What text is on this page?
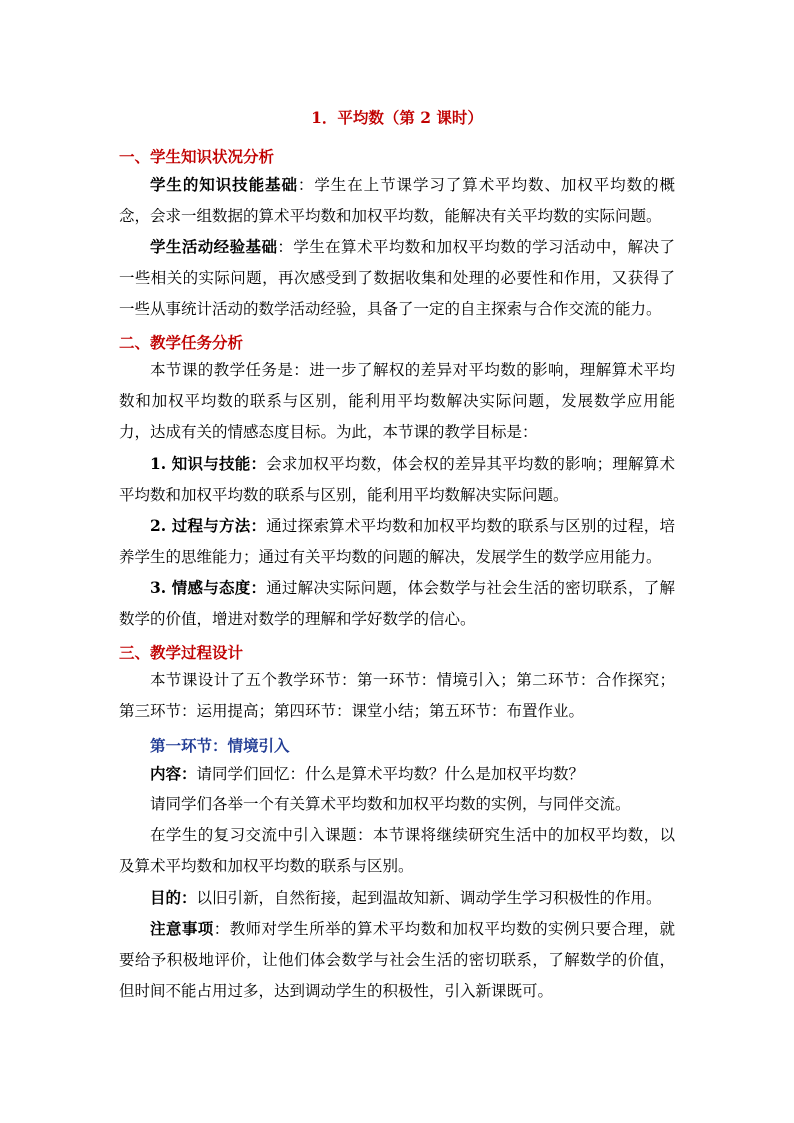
1．平均数（第 2 课时）
一、学生知识状况分析

学生的知识技能基础：学生在上节课学习了算术平均数、加权平均数的概念，会求一组数据的算术平均数和加权平均数，能解决有关平均数的实际问题。

学生活动经验基础：学生在算术平均数和加权平均数的学习活动中，解决了一些相关的实际问题，再次感受到了数据收集和处理的必要性和作用，又获得了一些从事统计活动的数学活动经验，具备了一定的自主探索与合作交流的能力。

二、教学任务分析

本节课的教学任务是：进一步了解权的差异对平均数的影响，理解算术平均数和加权平均数的联系与区别，能利用平均数解决实际问题，发展数学应用能力，达成有关的情感态度目标。为此，本节课的教学目标是：

1. 知识与技能：会求加权平均数，体会权的差异其平均数的影响；理解算术平均数和加权平均数的联系与区别，能利用平均数解决实际问题。

2. 过程与方法：通过探索算术平均数和加权平均数的联系与区别的过程，培养学生的思维能力；通过有关平均数的问题的解决，发展学生的数学应用能力。

3. 情感与态度：通过解决实际问题，体会数学与社会生活的密切联系，了解数学的价值，增进对数学的理解和学好数学的信心。

三、教学过程设计

本节课设计了五个教学环节：第一环节：情境引入；第二环节：合作探究；第三环节：运用提高；第四环节：课堂小结；第五环节：布置作业。

第一环节：情境引入

内容：请同学们回忆：什么是算术平均数？什么是加权平均数？

请同学们各举一个有关算术平均数和加权平均数的实例，与同伴交流。

在学生的复习交流中引入课题：本节课将继续研究生活中的加权平均数，以及算术平均数和加权平均数的联系与区别。

目的：以旧引新，自然衔接，起到温故知新、调动学生学习积极性的作用。

注意事项：教师对学生所举的算术平均数和加权平均数的实例只要合理，就要给予积极地评价，让他们体会数学与社会生活的密切联系，了解数学的价值，但时间不能占用过多，达到调动学生的积极性，引入新课既可。
